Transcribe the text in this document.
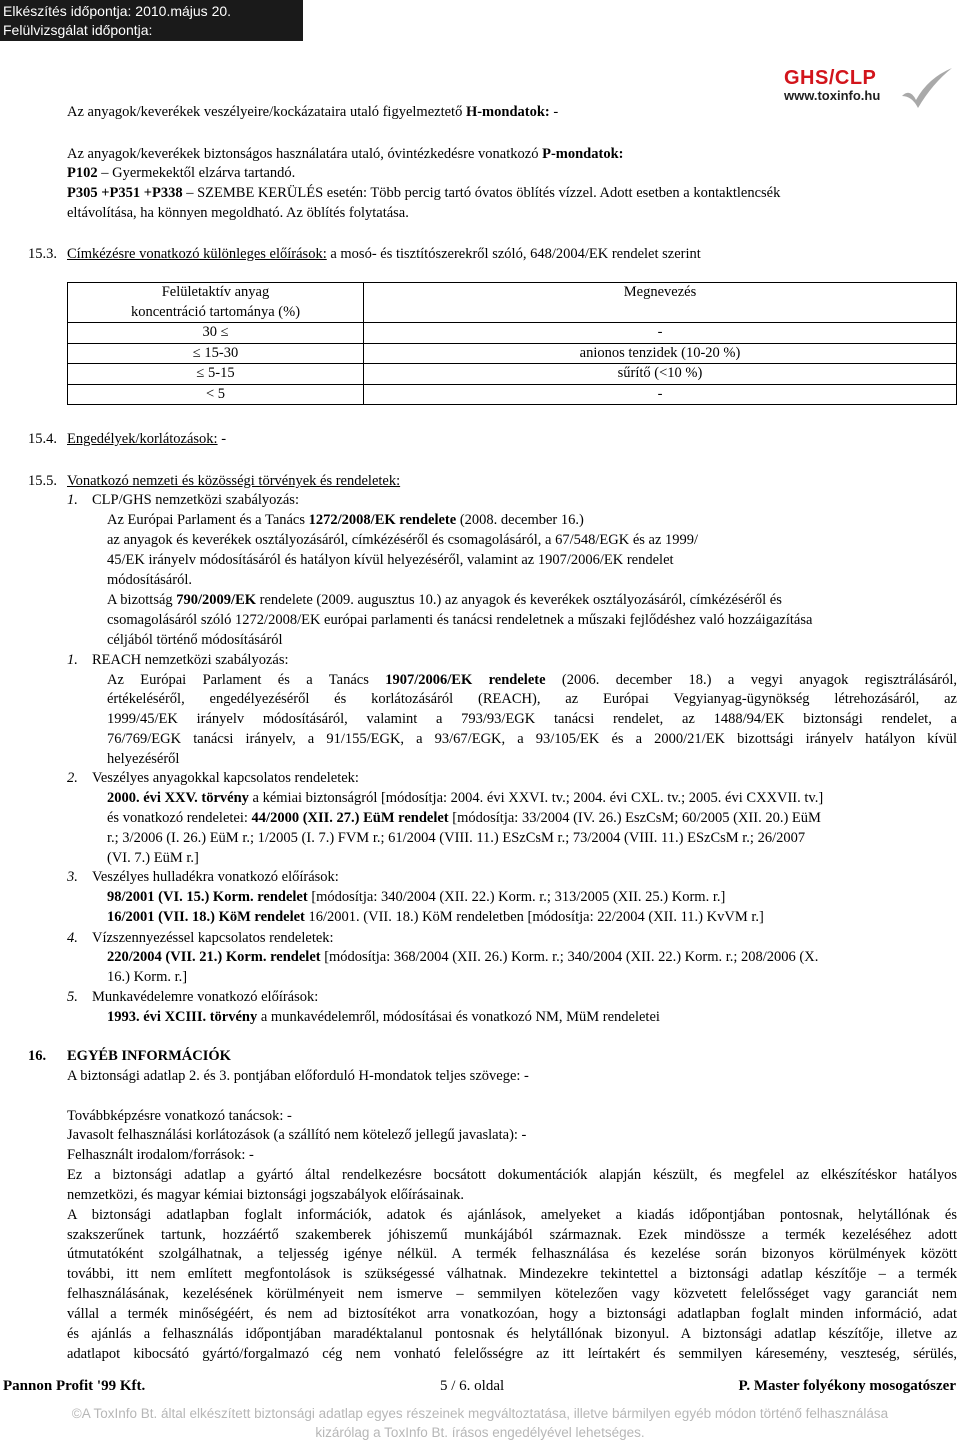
Elkészítés időpontja: 2010.május 20.
Felülvizsgálat időpontja:
GHS/CLP
www.toxinfo.hu
Az anyagok/keverékek veszélyeire/kockázataira utaló figyelmeztető H-mondatok: -
Az anyagok/keverékek biztonságos használatára utaló, óvintézkedésre vonatkozó P-mondatok:
P102 – Gyermekektől elzárva tartandó.
P305 +P351 +P338 – SZEMBE KERÜLÉS esetén: Több percig tartó óvatos öblítés vízzel. Adott esetben a kontaktlencsék
eltávolítása, ha könnyen megoldható. Az öblítés folytatása.
15.3. Címkézésre vonatkozó különleges előírások: a mosó- és tisztítószerekről szóló, 648/2004/EK rendelet szerint
Felületaktív anyag
koncentráció tartománya (%)	Megnevezés
30 ≤	-
≤ 15-30	anionos tenzidek (10-20 %)
≤ 5-15	sűrítő (<10 %)
< 5	-
15.4. Engedélyek/korlátozások: -
15.5. Vonatkozó nemzeti és közösségi törvények és rendeletek:
1. CLP/GHS nemzetközi szabályozás:
Az Európai Parlament és a Tanács 1272/2008/EK rendelete (2008. december 16.)
az anyagok és keverékek osztályozásáról, címkézéséről és csomagolásáról, a 67/548/EGK és az 1999/
45/EK irányelv módosításáról és hatályon kívül helyezéséről, valamint az 1907/2006/EK rendelet
módosításáról.
A bizottság 790/2009/EK rendelete (2009. augusztus 10.) az anyagok és keverékek osztályozásáról, címkézéséről és
csomagolásáról szóló 1272/2008/EK európai parlamenti és tanácsi rendeletnek a műszaki fejlődéshez való hozzáigazítása
céljából történő módosításáról
1. REACH nemzetközi szabályozás:
Az Európai Parlament és a Tanács 1907/2006/EK rendelete (2006. december 18.) a vegyi anyagok regisztrálásáról,
értékeléséről, engedélyezéséről és korlátozásáról (REACH), az Európai Vegyianyag-ügynökség létrehozásáról, az
1999/45/EK irányelv módosításáról, valamint a 793/93/EGK tanácsi rendelet, az 1488/94/EK biztonsági rendelet, a
76/769/EGK tanácsi irányelv, a 91/155/EGK, a 93/67/EGK, a 93/105/EK és a 2000/21/EK bizottsági irányelv hatályon kívül
helyezéséről
2. Veszélyes anyagokkal kapcsolatos rendeletek:
2000. évi XXV. törvény a kémiai biztonságról [módosítja: 2004. évi XXVI. tv.; 2004. évi CXL. tv.; 2005. évi CXXVII. tv.]
és vonatkozó rendeletei: 44/2000 (XII. 27.) EüM rendelet [módosítja: 33/2004 (IV. 26.) EszCsM; 60/2005 (XII. 20.) EüM
r.; 3/2006 (I. 26.) EüM r.; 1/2005 (I. 7.) FVM r.; 61/2004 (VIII. 11.) ESzCsM r.; 73/2004 (VIII. 11.) ESzCsM r.; 26/2007
(VI. 7.) EüM r.]
3. Veszélyes hulladékra vonatkozó előírások:
98/2001 (VI. 15.) Korm. rendelet [módosítja: 340/2004 (XII. 22.) Korm. r.; 313/2005 (XII. 25.) Korm. r.]
16/2001 (VII. 18.) KöM rendelet 16/2001. (VII. 18.) KöM rendeletben [módosítja: 22/2004 (XII. 11.) KvVM r.]
4. Vízszennyezéssel kapcsolatos rendeletek:
220/2004 (VII. 21.) Korm. rendelet [módosítja: 368/2004 (XII. 26.) Korm. r.; 340/2004 (XII. 22.) Korm. r.; 208/2006 (X.
16.) Korm. r.]
5. Munkavédelemre vonatkozó előírások:
1993. évi XCIII. törvény a munkavédelemről, módosításai és vonatkozó NM, MüM rendeletei
16. EGYÉB INFORMÁCIÓK
A biztonsági adatlap 2. és 3. pontjában előforduló H-mondatok teljes szövege: -
Továbbképzésre vonatkozó tanácsok: -
Javasolt felhasználási korlátozások (a szállító nem kötelező jellegű javaslata): -
Felhasznált irodalom/források: -
Ez a biztonsági adatlap a gyártó által rendelkezésre bocsátott dokumentációk alapján készült, és megfelel az elkészítéskor hatályos
nemzetközi, és magyar kémiai biztonsági jogszabályok előírásainak.
A biztonsági adatlapban foglalt információk, adatok és ajánlások, amelyeket a kiadás időpontjában pontosnak, helytállónak és
szakszerűnek tartunk, hozzáértő szakemberek jóhiszemű munkájából származnak. Ezek mindössze a termék kezeléséhez adott
útmutatóként szolgálhatnak, a teljesség igénye nélkül. A termék felhasználása és kezelése során bizonyos körülmények között
további, itt nem említett megfontolások is szükségessé válhatnak. Mindezekre tekintettel a biztonsági adatlap készítője – a termék
felhasználásának, kezelésének körülményeit nem ismerve – semmilyen kötelezően vagy közvetett felelősséget vagy garanciát nem
vállal a termék minőségéért, és nem ad biztosítékot arra vonatkozóan, hogy a biztonsági adatlapban foglalt minden információ, adat
és ajánlás a felhasználás időpontjában maradéktalanul pontosnak és helytállónak bizonyul. A biztonsági adatlap készítője, illetve az
adatlapot kibocsátó gyártó/forgalmazó cég nem vonható felelősségre az itt leírtakért és semmilyen káresemény, veszteség, sérülés,
Pannon Profit '99 Kft.	5 / 6. oldal	P. Master folyékony mosogatószer
©A ToxInfo Bt. által elkészített biztonsági adatlap egyes részeinek megváltoztatása, illetve bármilyen egyéb módon történő felhasználása
kizárólag a ToxInfo Bt. írásos engedélyével lehetséges.
